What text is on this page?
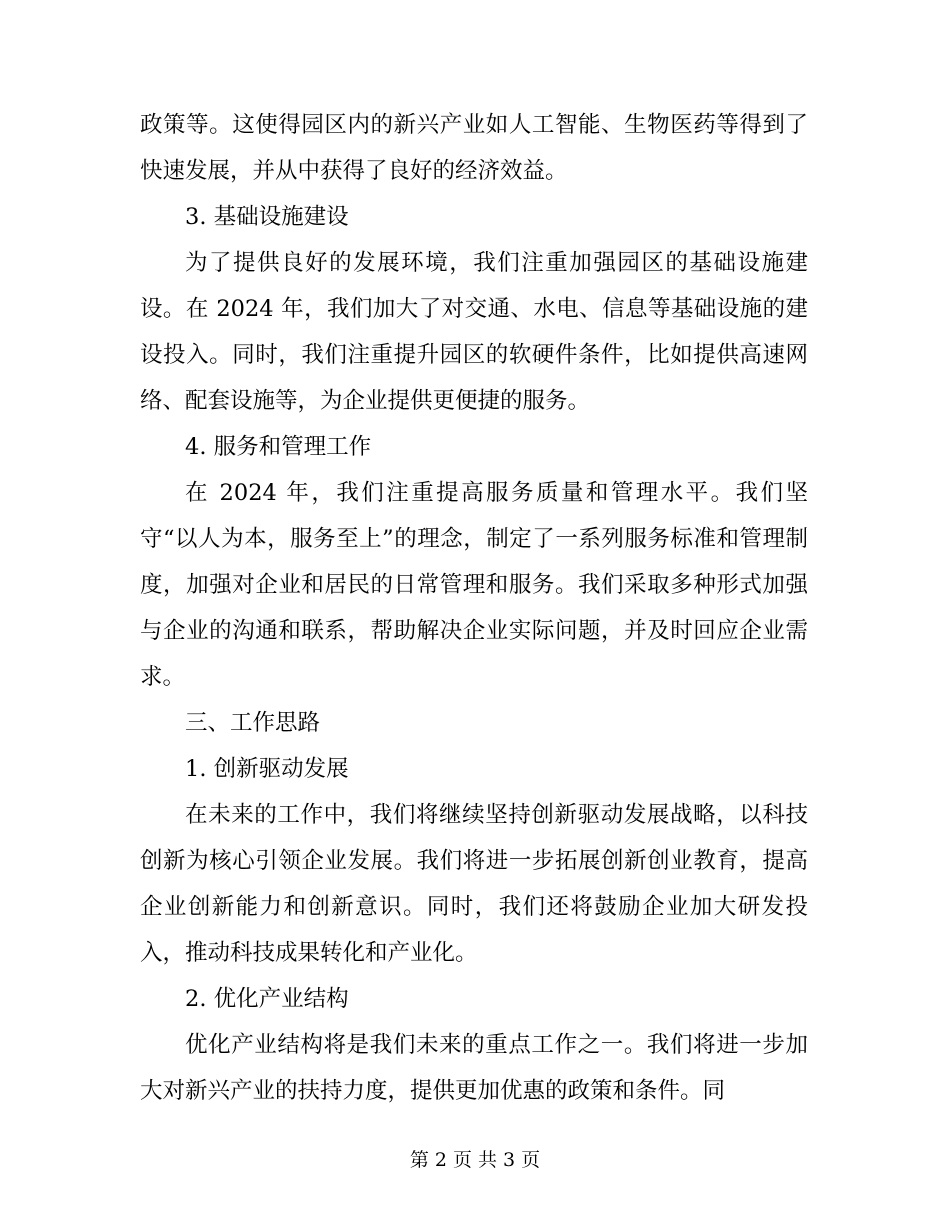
政策等。这使得园区内的新兴产业如人工智能、生物医药等得到了快速发展，并从中获得了良好的经济效益。

3. 基础设施建设

为了提供良好的发展环境，我们注重加强园区的基础设施建设。在 2024 年，我们加大了对交通、水电、信息等基础设施的建设投入。同时，我们注重提升园区的软硬件条件，比如提供高速网络、配套设施等，为企业提供更便捷的服务。

4. 服务和管理工作

在 2024 年，我们注重提高服务质量和管理水平。我们坚守“以人为本，服务至上”的理念，制定了一系列服务标准和管理制度，加强对企业和居民的日常管理和服务。我们采取多种形式加强与企业的沟通和联系，帮助解决企业实际问题，并及时回应企业需求。

三、工作思路

1. 创新驱动发展

在未来的工作中，我们将继续坚持创新驱动发展战略，以科技创新为核心引领企业发展。我们将进一步拓展创新创业教育，提高企业创新能力和创新意识。同时，我们还将鼓励企业加大研发投入，推动科技成果转化和产业化。

2. 优化产业结构

优化产业结构将是我们未来的重点工作之一。我们将进一步加大对新兴产业的扶持力度，提供更加优惠的政策和条件。同

第 2 页 共 3 页
